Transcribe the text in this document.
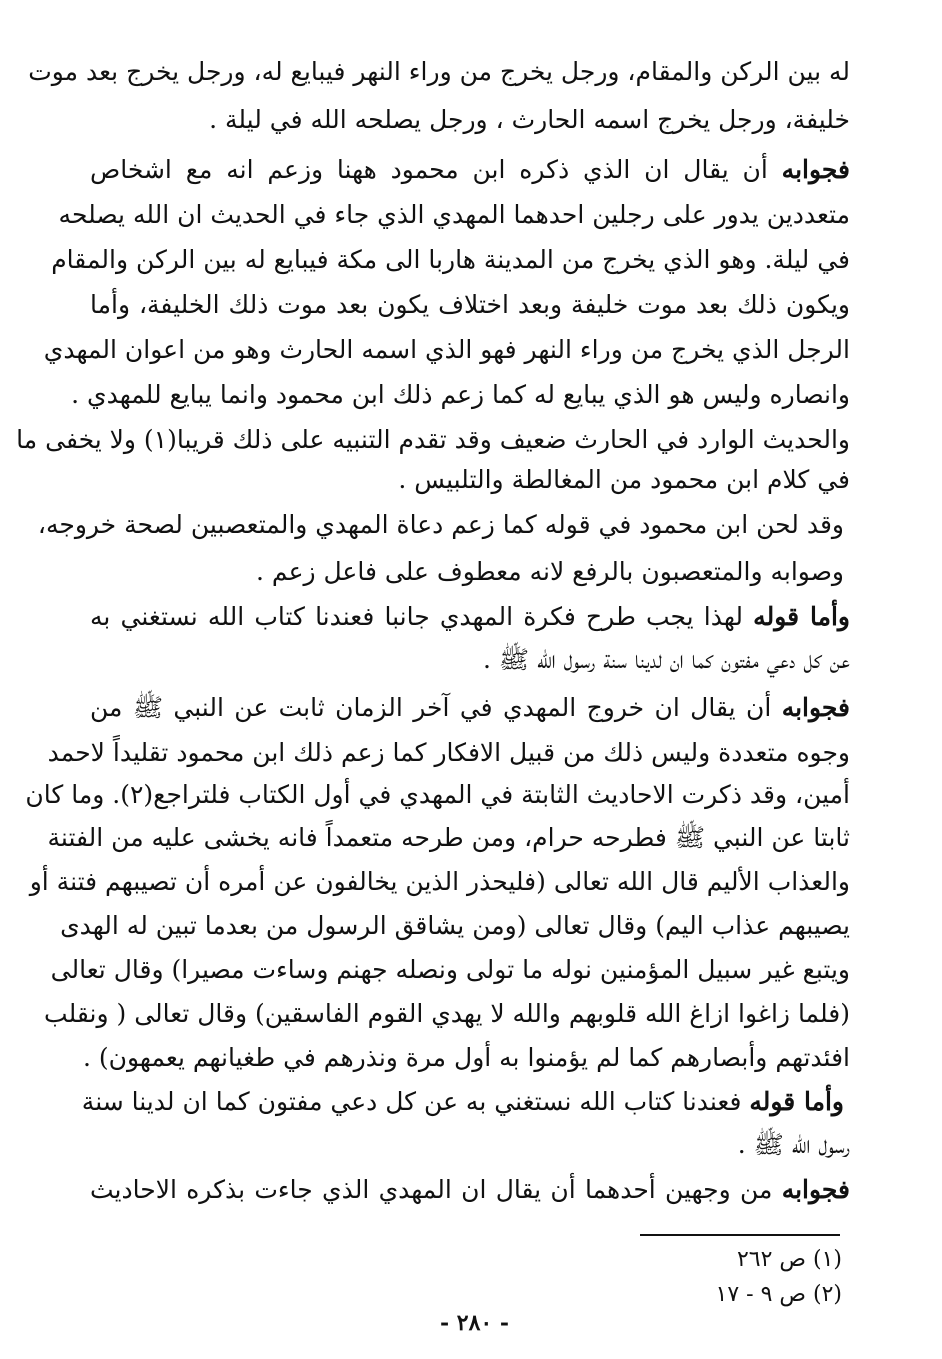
له بين الركن والمقام، ورجل يخرج من وراء النهر فيبايع له، ورجل يخرج بعد موت
خليفة، ورجل يخرج اسمه الحارث ، ورجل يصلحه الله في ليلة .
فجوابه أن يقال ان الذي ذكره ابن محمود ههنا وزعم انه مع اشخاص
متعددين يدور على رجلين احدهما المهدي الذي جاء في الحديث ان الله يصلحه
في ليلة. وهو الذي يخرج من المدينة هاربا الى مكة فيبايع له بين الركن والمقام
ويكون ذلك بعد موت خليفة وبعد اختلاف يكون بعد موت ذلك الخليفة، وأما
الرجل الذي يخرج من وراء النهر فهو الذي اسمه الحارث وهو من اعوان المهدي
وانصاره وليس هو الذي يبايع له كما زعم ذلك ابن محمود وانما يبايع للمهدي .
والحديث الوارد في الحارث ضعيف وقد تقدم التنبيه على ذلك قريبا(١) ولا يخفى ما
في كلام ابن محمود من المغالطة والتلبيس .
وقد لحن ابن محمود في قوله كما زعم دعاة المهدي والمتعصبين لصحة خروجه،
وصوابه والمتعصبون بالرفع لانه معطوف على فاعل زعم .
وأما قوله لهذا يجب طرح فكرة المهدي جانبا فعندنا كتاب الله نستغني به
عن كل دعي مفتون كما ان لدينا سنة رسول الله ﷺ .
فجوابه أن يقال ان خروج المهدي في آخر الزمان ثابت عن النبي ﷺ من
وجوه متعددة وليس ذلك من قبيل الافكار كما زعم ذلك ابن محمود تقليداً لاحمد
أمين، وقد ذكرت الاحاديث الثابتة في المهدي في أول الكتاب فلتراجع(٢). وما كان
ثابتا عن النبي ﷺ فطرحه حرام، ومن طرحه متعمداً فانه يخشى عليه من الفتنة
والعذاب الأليم قال الله تعالى (فليحذر الذين يخالفون عن أمره أن تصيبهم فتنة أو
يصيبهم عذاب اليم) وقال تعالى (ومن يشاقق الرسول من بعدما تبين له الهدى
ويتبع غير سبيل المؤمنين نوله ما تولى ونصله جهنم وساءت مصيرا) وقال تعالى
(فلما زاغوا ازاغ الله قلوبهم والله لا يهدي القوم الفاسقين) وقال تعالى ( ونقلب
افئدتهم وأبصارهم كما لم يؤمنوا به أول مرة ونذرهم في طغيانهم يعمهون) .
وأما قوله فعندنا كتاب الله نستغني به عن كل دعي مفتون كما ان لدينا سنة
رسول الله ﷺ .
فجوابه من وجهين أحدهما أن يقال ان المهدي الذي جاءت بذكره الاحاديث
(١) ص ٢٦٢
(٢) ص ٩ - ١٧
- ٢٨٠ -
